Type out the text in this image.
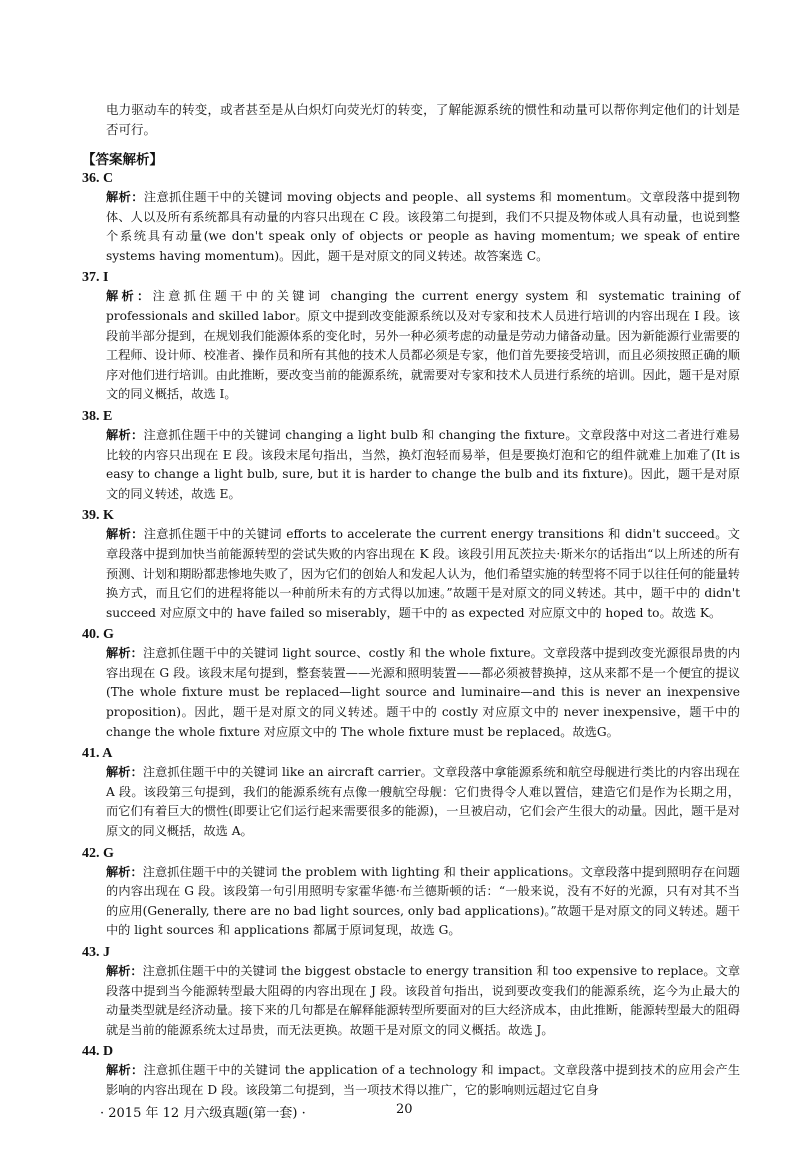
电力驱动车的转变，或者甚至是从白炽灯向荧光灯的转变，了解能源系统的惯性和动量可以帮你判定他们的计划是否可行。

【答案解析】
36. C
解析：注意抓住题干中的关键词 moving objects and people、all systems 和 momentum。文章段落中提到物体、人以及所有系统都具有动量的内容只出现在 C 段。该段第二句提到，我们不只提及物体或人具有动量，也说到整个系统具有动量(we don't speak only of objects or people as having momentum; we speak of entire systems having momentum)。因此，题干是对原文的同义转述。故答案选 C。
37. I
解析：注意抓住题干中的关键词 changing the current energy system 和 systematic training of professionals and skilled labor。原文中提到改变能源系统以及对专家和技术人员进行培训的内容出现在 I 段。该段前半部分提到，在规划我们能源体系的变化时，另外一种必须考虑的动量是劳动力储备动量。因为新能源行业需要的工程师、设计师、校准者、操作员和所有其他的技术人员都必须是专家，他们首先要接受培训，而且必须按照正确的顺序对他们进行培训。由此推断，要改变当前的能源系统，就需要对专家和技术人员进行系统的培训。因此，题干是对原文的同义概括，故选 I。
38. E
解析：注意抓住题干中的关键词 changing a light bulb 和 changing the fixture。文章段落中对这二者进行难易比较的内容只出现在 E 段。该段末尾句指出，当然，换灯泡轻而易举，但是要换灯泡和它的组件就难上加难了(It is easy to change a light bulb, sure, but it is harder to change the bulb and its fixture)。因此，题干是对原文的同义转述，故选 E。
39. K
解析：注意抓住题干中的关键词 efforts to accelerate the current energy transitions 和 didn't succeed。文章段落中提到加快当前能源转型的尝试失败的内容出现在 K 段。该段引用瓦茨拉夫·斯米尔的话指出“以上所述的所有预测、计划和期盼都悲惨地失败了，因为它们的创始人和发起人认为，他们希望实施的转型将不同于以往任何的能量转换方式，而且它们的进程将能以一种前所未有的方式得以加速。”故题干是对原文的同义转述。其中，题干中的 didn't succeed 对应原文中的 have failed so miserably，题干中的 as expected 对应原文中的 hoped to。故选 K。
40. G
解析：注意抓住题干中的关键词 light source、costly 和 the whole fixture。文章段落中提到改变光源很昂贵的内容出现在 G 段。该段末尾句提到，整套装置——光源和照明装置——都必须被替换掉，这从来都不是一个便宜的提议(The whole fixture must be replaced—light source and luminaire—and this is never an inexpensive proposition)。因此，题干是对原文的同义转述。题干中的 costly 对应原文中的 never inexpensive，题干中的 change the whole fixture 对应原文中的 The whole fixture must be replaced。故选G。
41. A
解析：注意抓住题干中的关键词 like an aircraft carrier。文章段落中拿能源系统和航空母舰进行类比的内容出现在 A 段。该段第三句提到，我们的能源系统有点像一艘航空母舰：它们贵得令人难以置信，建造它们是作为长期之用，而它们有着巨大的惯性(即要让它们运行起来需要很多的能源)，一旦被启动，它们会产生很大的动量。因此，题干是对原文的同义概括，故选 A。
42. G
解析：注意抓住题干中的关键词 the problem with lighting 和 their applications。文章段落中提到照明存在问题的内容出现在 G 段。该段第一句引用照明专家霍华德·布兰德斯顿的话：“一般来说，没有不好的光源，只有对其不当的应用(Generally, there are no bad light sources, only bad applications)。”故题干是对原文的同义转述。题干中的 light sources 和 applications 都属于原词复现，故选 G。
43. J
解析：注意抓住题干中的关键词 the biggest obstacle to energy transition 和 too expensive to replace。文章段落中提到当今能源转型最大阻碍的内容出现在 J 段。该段首句指出，说到要改变我们的能源系统，迄今为止最大的动量类型就是经济动量。接下来的几句都是在解释能源转型所要面对的巨大经济成本，由此推断，能源转型最大的阻碍就是当前的能源系统太过昂贵，而无法更换。故题干是对原文的同义概括。故选 J。
44. D
解析：注意抓住题干中的关键词 the application of a technology 和 impact。文章段落中提到技术的应用会产生影响的内容出现在 D 段。该段第二句提到，当一项技术得以推广，它的影响则远超过它自身
· 2015 年 12 月六级真题(第一套) ·	20
